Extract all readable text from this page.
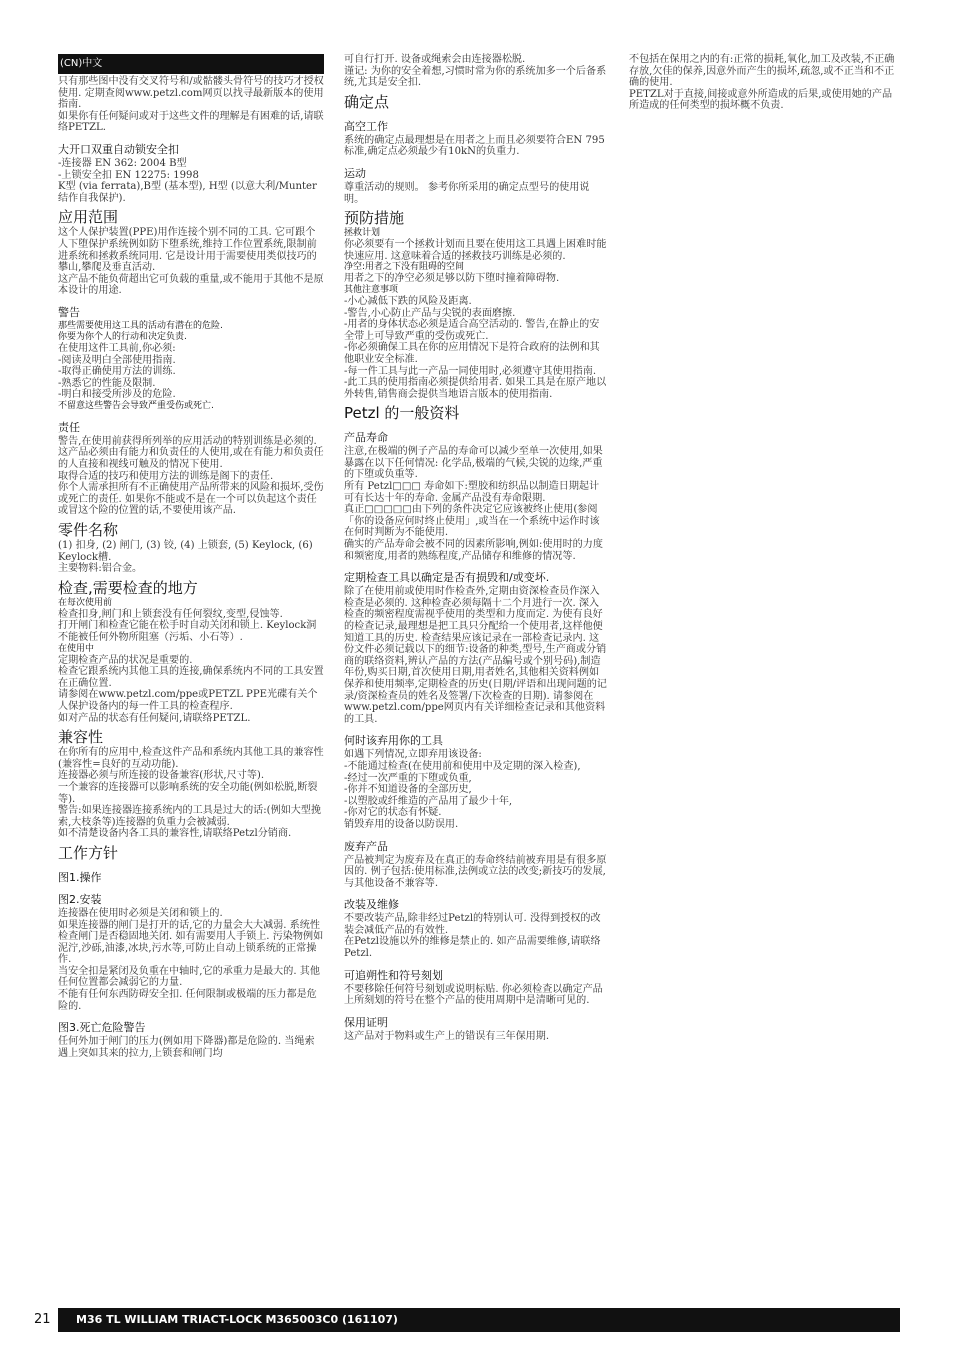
(CN)中文
只有那些图中没有交叉符号和/或骷髅头骨符号的技巧才授权使用. 定期查阅www.petzl.com网页以找寻最新版本的使用指南.
如果你有任何疑问或对于这些文件的理解是有困难的话,请联络PETZL.
大开口双重自动锁安全扣
-连接器 EN 362: 2004 B型
-上锁安全扣 EN 12275: 1998
K型 (via ferrata),B型 (基本型), H型 (以意大利/Munter结作自我保护).
应用范围
这个人保护装置(PPE)用作连接个别不同的工具. 它可跟个人下堕保护系统例如防下堕系统,维持工作位置系统,限制前进系统和拯救系统同用. 它是设计用于需要使用类似技巧的攀山,攀爬及垂直活动.
这产品不能负荷超出它可负载的重量,或不能用于其他不是原本设计的用途.
警告
那些需要使用这工具的活动有潜在的危险.
你要为你个人的行动和决定负责.
在使用这件工具前,你必须:
-阅读及明白全部使用指南.
-取得正确使用方法的训练.
-熟悉它的性能及限制.
-明白和接受所涉及的危险.
不留意这些警告会导致严重受伤或死亡.
责任
警告,在使用前获得所列举的应用活动的特别训练是必须的.
这产品必须由有能力和负责任的人使用,或在有能力和负责任的人直接和视线可触及的情况下使用.
取得合适的技巧和使用方法的训练是阁下的责任.
你个人需承担所有不正确使用产品所带来的风险和损坏,受伤或死亡的责任. 如果你不能或不是在一个可以负起这个责任或冒这个险的位置的话,不要使用该产品.
零件名称
(1) 扣身, (2) 闸门, (3) 铰, (4) 上锁套, (5) Keylock, (6) Keylock槽.
主要物料:铝合金。
检查,需要检查的地方
在每次使用前
检查扣身,闸门和上锁套没有任何裂纹,变型,侵蚀等.
打开闸门和检查它能在松手时自动关闭和锁上. Keylock洞不能被任何外物所阻塞（污垢、小石等）.
在使用中
定期检查产品的状况是重要的.
检查它跟系统内其他工具的连接,确保系统内不同的工具安置在正确位置.
请参阅在www.petzl.com/ppe或PETZL PPE光碟有关个人保护设备内的每一件工具的检查程序.
如对产品的状态有任何疑问,请联络PETZL.
兼容性
在你所有的应用中,检查这件产品和系统内其他工具的兼容性(兼容性=良好的互动功能).
连接器必须与所连接的设备兼容(形状,尺寸等).
一个兼容的连接器可以影响系统的安全功能(例如松脱,断裂等).
警告:如果连接器连接系统内的工具是过大的话:(例如大型挽索,大枝条等)连接器的负重力会被减弱.
如不清楚设备内各工具的兼容性,请联络Petzl分销商.
工作方针
图1.操作
图2.安装
连接器在使用时必须是关闭和锁上的.
如果连接器的闸门是打开的话,它的力量会大大减弱. 系统性检查闸门是否稳固地关闭. 如有需要用人手锁上. 污染物例如泥泞,沙砾,油漆,冰块,污水等,可防止自动上锁系统的正常操作.
当安全扣是紧闭及负重在中轴时,它的承重力是最大的. 其他任何位置都会减弱它的力量.
不能有任何东西防碍安全扣. 任何限制或极端的压力都是危险的.
图3.死亡危险警告
任何外加于闸门的压力(例如用下降器)都是危险的. 当绳索遇上突如其来的拉力,上锁套和闸门均
可自行打开. 设备或绳索会由连接器松脱.
谨记: 为你的安全着想,习惯时常为你的系统加多一个后备系统,尤其是安全扣.
确定点
高空工作
系统的确定点最理想是在用者之上而且必须要符合EN 795标准,确定点必须最少有10kN的负重力.
运动
尊重活动的规则。 参考你所采用的确定点型号的使用说明。
预防措施
拯救计划
你必须要有一个拯救计划而且要在使用这工具遇上困难时能快速应用. 这意味着合适的拯救技巧训练是必须的.
净空:用者之下没有阻碍的空间
用者之下的净空必须足够以防下堕时撞着障碍物.
其他注意事项
-小心减低下跌的风险及距离.
-警告,小心防止产品与尖锐的表面磨擦.
-用者的身体状态必须是适合高空活动的. 警告,在静止的安全带上可导致严重的受伤或死亡.
-你必须确保工具在你的应用情况下是符合政府的法例和其他职业安全标准.
-每一件工具与此一产品一同使用时,必须遵守其使用指南.
-此工具的使用指南必须提供给用者. 如果工具是在原产地以外转售,销售商会提供当地语言版本的使用指南.
Petzl 的一般资料
产品寿命
注意,在极端的例子产品的寿命可以减少至单一次使用,如果暴露在以下任何情况: 化学品,极端的气候,尖锐的边缘,严重的下堕或负重等.
所有 Petzl□□□ 寿命如下:塑胶和纺织品以制造日期起计可有长达十年的寿命. 金属产品没有寿命限期.
真正□□□□□由下列的条件决定它应该被终止使用(参阅「你的设备应何时终止使用」,或当在一个系统中运作时该在何时判断为不能使用.
确实的产品寿命会被不同的因素所影响,例如:使用时的力度和频密度,用者的熟练程度,产品储存和维修的情况等.
定期检查工具以确定是否有损毁和/或变坏.
除了在使用前或使用时作检查外,定期由资深检查员作深入检查是必须的. 这种检查必须每隔十二个月进行一次. 深入检查的频密程度需视乎使用的类型和力度而定. 为使有良好的检查记录,最理想是把工具只分配给一个使用者,这样他便知道工具的历史. 检查结果应该记录在一部检查记录内. 这份文件必须记载以下的细节:设备的种类,型号,生产商或分销商的联络资料,辨认产品的方法(产品编号或个别号码),制造年份,购买日期,首次使用日期,用者姓名,其他相关资料例如保养和使用频率,定期检查的历史(日期/评语和出现问题的记录/资深检查员的姓名及签署/下次检查的日期). 请参阅在www.petzl.com/ppe网页内有关详细检查记录和其他资料的工具.
何时该弃用你的工具
如遇下列情况,立即弃用该设备:
-不能通过检查(在使用前和使用中及定期的深入检查),
-经过一次严重的下堕或负重,
-你并不知道设备的全部历史,
-以塑胶或纤维造的产品用了最少十年,
-你对它的状态有怀疑.
销毁弃用的设备以防误用.
废弃产品
产品被判定为废弃及在真正的寿命终结前被弃用是有很多原因的. 例子包括:使用标准,法例或立法的改变;新技巧的发展,与其他设备不兼容等.
改装及维修
不要改装产品,除非经过Petzl的特别认可. 没得到授权的改装会减低产品的有效性.
在Petzl设施以外的维修是禁止的. 如产品需要维修,请联络Petzl.
可追朔性和符号刻划
不要移除任何符号刻划或说明标贴. 你必须检查以确定产品上所刻划的符号在整个产品的使用周期中是清晰可见的.
保用证明
这产品对于物料或生产上的错误有三年保用期.
不包括在保用之内的有:正常的损耗,氧化,加工及改装,不正确存放,欠佳的保养,因意外而产生的损坏,疏忽,或不正当和不正确的使用.
PETZL对于直接,间接或意外所造成的后果,或使用她的产品所造成的任何类型的损坏概不负责.
21	M36 TL WILLIAM TRIACT-LOCK M365003C0 (161107)
